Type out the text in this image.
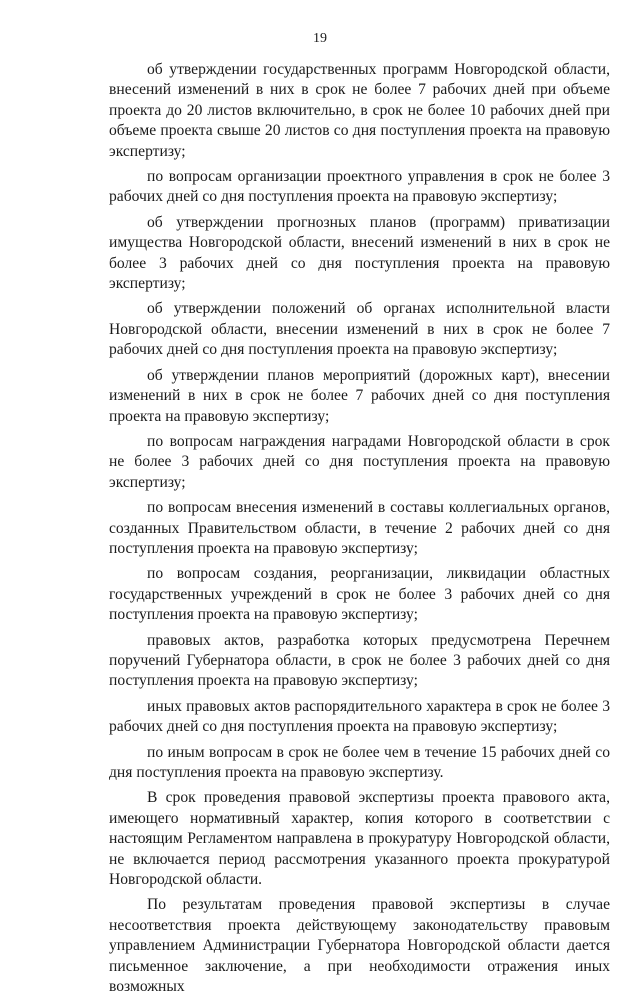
19

об утверждении государственных программ Новгородской области, внесений изменений в них в срок не более 7 рабочих дней при объеме проекта до 20 листов включительно, в срок не более 10 рабочих дней при объеме проекта свыше 20 листов со дня поступления проекта на правовую экспертизу;

по вопросам организации проектного управления в срок не более 3 рабочих дней со дня поступления проекта на правовую экспертизу;

об утверждении прогнозных планов (программ) приватизации имущества Новгородской области, внесений изменений в них в срок не более 3 рабочих дней со дня поступления проекта на правовую экспертизу;

об утверждении положений об органах исполнительной власти Новгородской области, внесении изменений в них в срок не более 7 рабочих дней со дня поступления проекта на правовую экспертизу;

об утверждении планов мероприятий (дорожных карт), внесении изменений в них в срок не более 7 рабочих дней со дня поступления проекта на правовую экспертизу;

по вопросам награждения наградами Новгородской области в срок не более 3 рабочих дней со дня поступления проекта на правовую экспертизу;

по вопросам внесения изменений в составы коллегиальных органов, созданных Правительством области, в течение 2 рабочих дней со дня поступления проекта на правовую экспертизу;

по вопросам создания, реорганизации, ликвидации областных государственных учреждений в срок не более 3 рабочих дней со дня поступления проекта на правовую экспертизу;

правовых актов, разработка которых предусмотрена Перечнем поручений Губернатора области, в срок не более 3 рабочих дней со дня поступления проекта на правовую экспертизу;

иных правовых актов распорядительного характера в срок не более 3 рабочих дней со дня поступления проекта на правовую экспертизу;

по иным вопросам в срок не более чем в течение 15 рабочих дней со дня поступления проекта на правовую экспертизу.

В срок проведения правовой экспертизы проекта правового акта, имеющего нормативный характер, копия которого в соответствии с настоящим Регламентом направлена в прокуратуру Новгородской области, не включается период рассмотрения указанного проекта прокуратурой Новгородской области.

По результатам проведения правовой экспертизы в случае несоответствия проекта действующему законодательству правовым управлением Администрации Губернатора Новгородской области дается письменное заключение, а при необходимости отражения иных возможных
